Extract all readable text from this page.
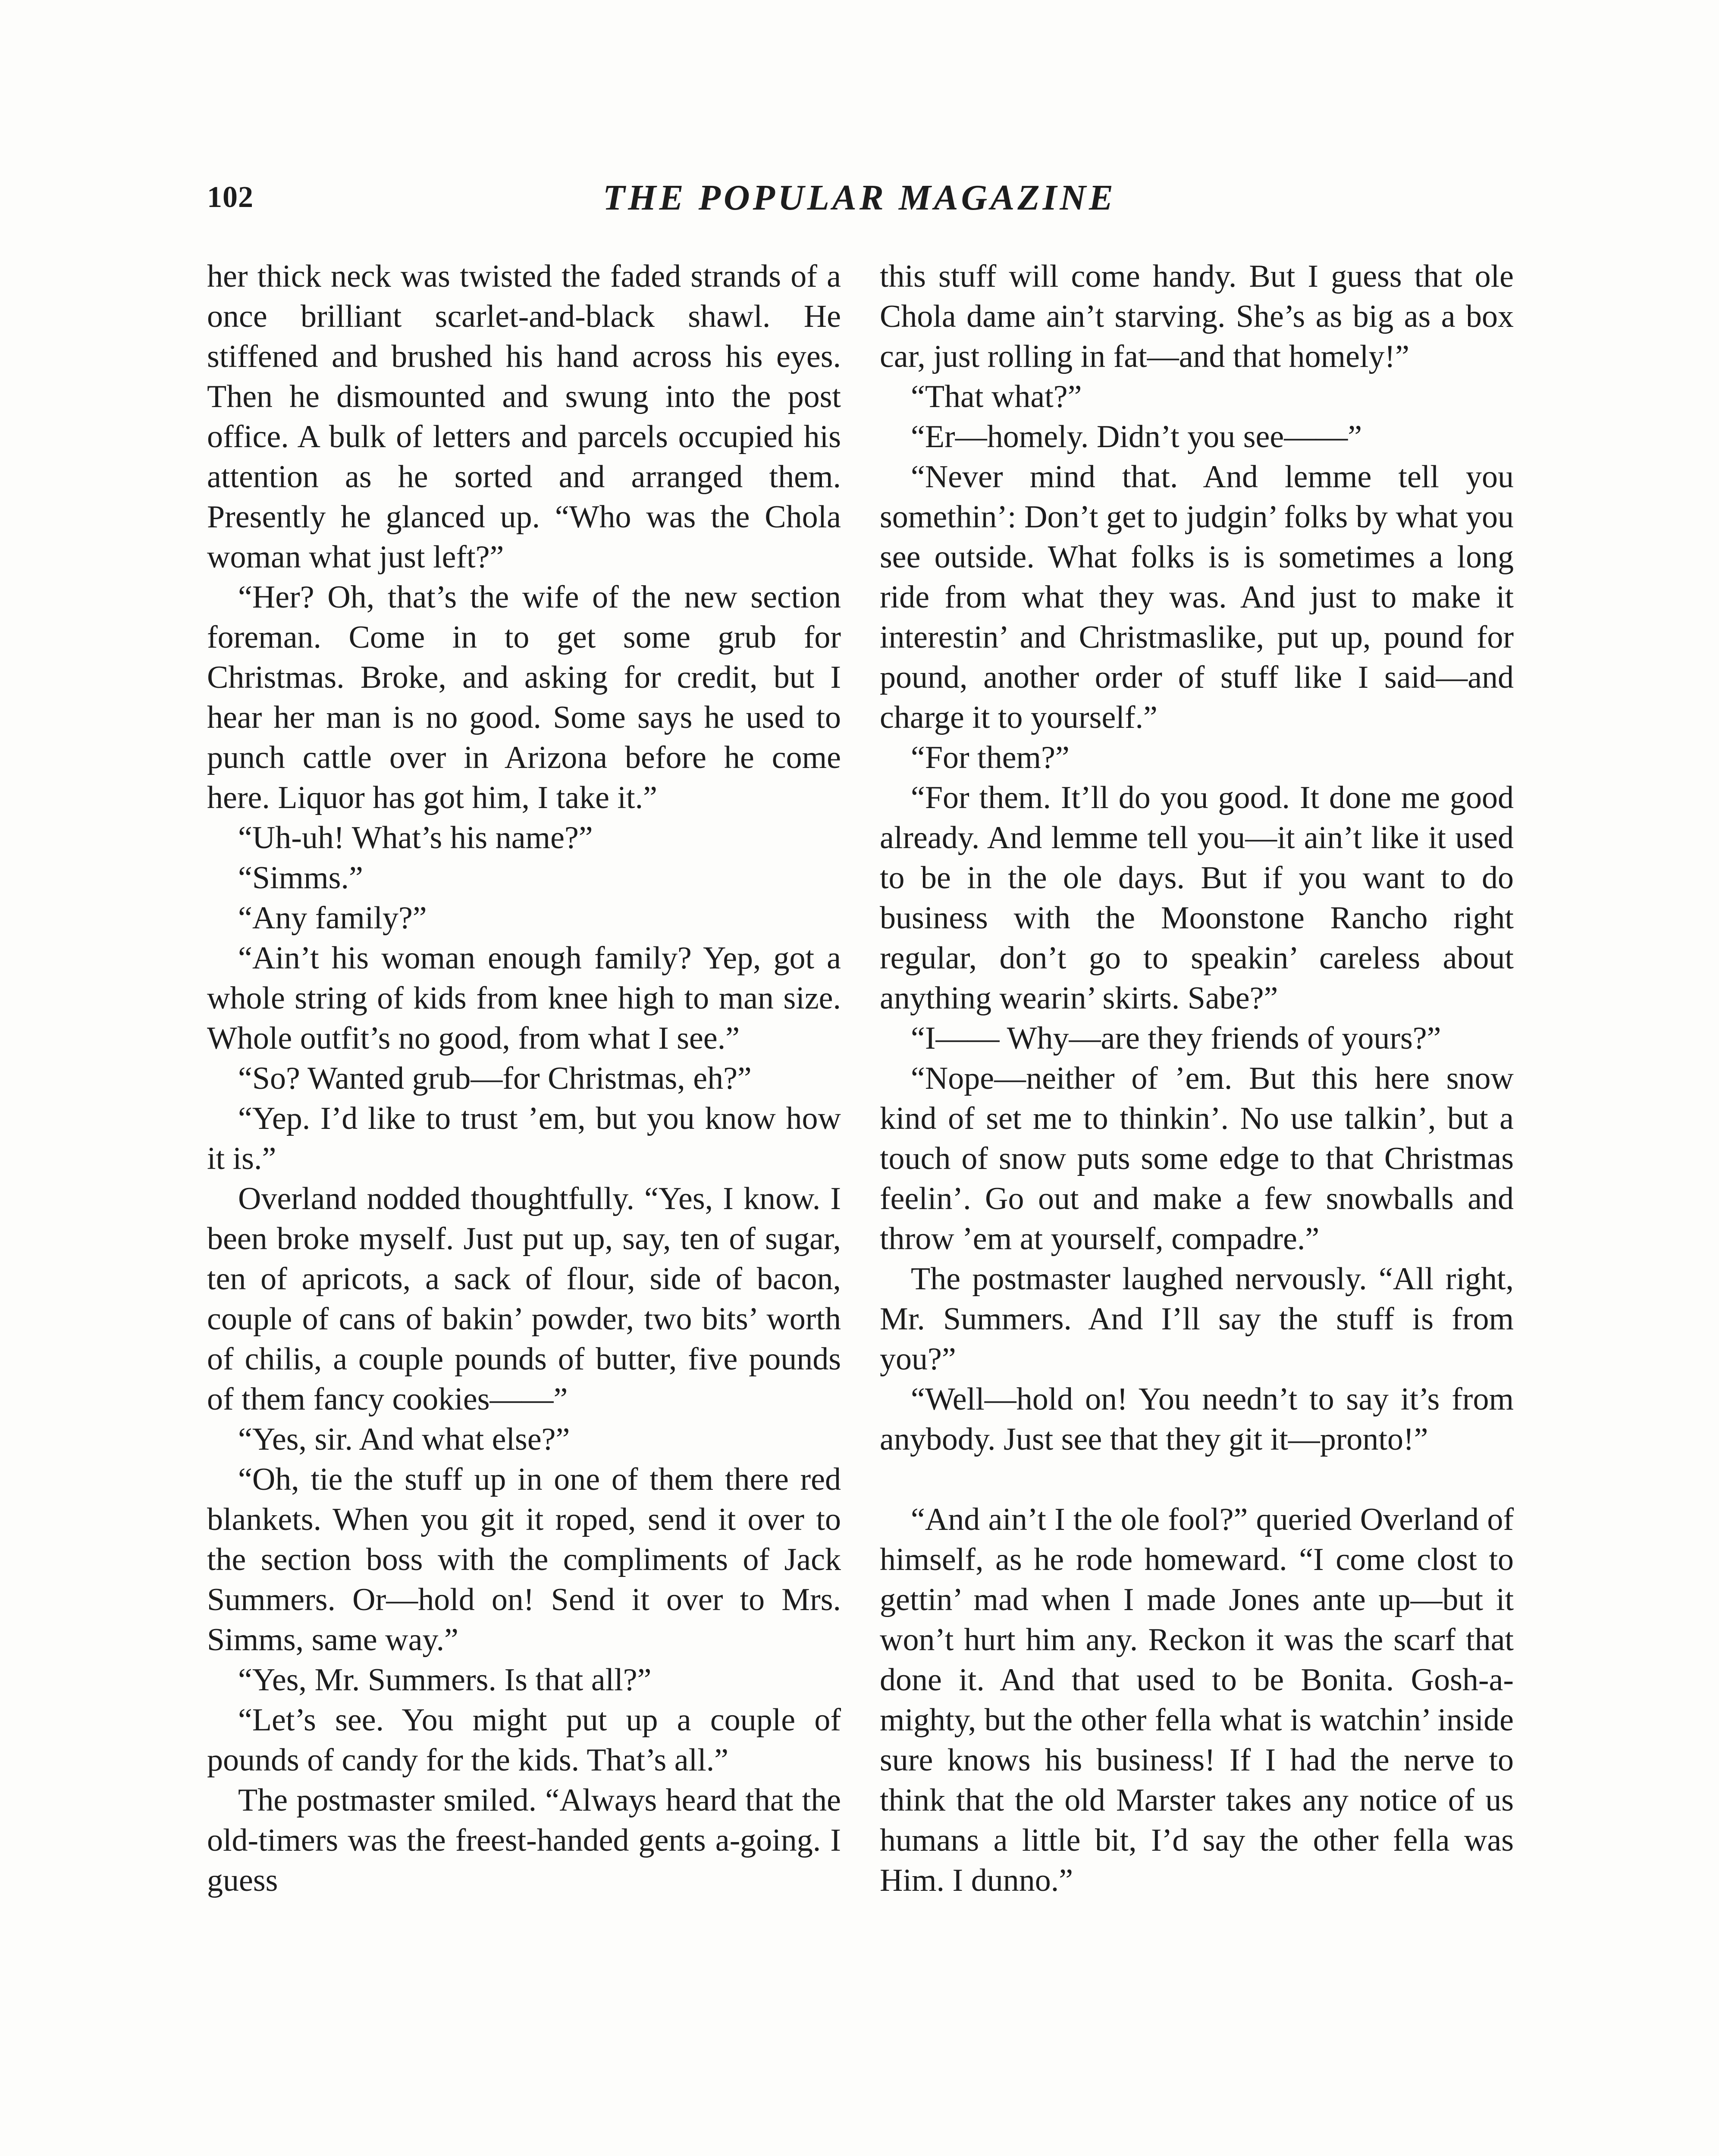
102	THE POPULAR MAGAZINE

her thick neck was twisted the faded strands of a once brilliant scarlet-and-black shawl. He stiffened and brushed his hand across his eyes. Then he dismounted and swung into the post office. A bulk of letters and parcels occupied his attention as he sorted and arranged them. Presently he glanced up. “Who was the Chola woman what just left?”

“Her? Oh, that’s the wife of the new section foreman. Come in to get some grub for Christmas. Broke, and asking for credit, but I hear her man is no good. Some says he used to punch cattle over in Arizona before he come here. Liquor has got him, I take it.”

“Uh-uh! What’s his name?”

“Simms.”

“Any family?”

“Ain’t his woman enough family? Yep, got a whole string of kids from knee high to man size. Whole outfit’s no good, from what I see.”

“So? Wanted grub—for Christmas, eh?”

“Yep. I’d like to trust ’em, but you know how it is.”

Overland nodded thoughtfully. “Yes, I know. I been broke myself. Just put up, say, ten of sugar, ten of apricots, a sack of flour, side of bacon, couple of cans of bakin’ powder, two bits’ worth of chilis, a couple pounds of butter, five pounds of them fancy cookies——”

“Yes, sir. And what else?”

“Oh, tie the stuff up in one of them there red blankets. When you git it roped, send it over to the section boss with the compliments of Jack Summers. Or—hold on! Send it over to Mrs. Simms, same way.”

“Yes, Mr. Summers. Is that all?”

“Let’s see. You might put up a couple of pounds of candy for the kids. That’s all.”

The postmaster smiled. “Always heard that the old-timers was the freest-handed gents a-going. I guess

this stuff will come handy. But I guess that ole Chola dame ain’t starving. She’s as big as a box car, just rolling in fat—and that homely!”

“That what?”

“Er—homely. Didn’t you see——”

“Never mind that. And lemme tell you somethin’: Don’t get to judgin’ folks by what you see outside. What folks is is sometimes a long ride from what they was. And just to make it interestin’ and Christmaslike, put up, pound for pound, another order of stuff like I said—and charge it to yourself.”

“For them?”

“For them. It’ll do you good. It done me good already. And lemme tell you—it ain’t like it used to be in the ole days. But if you want to do business with the Moonstone Rancho right regular, don’t go to speakin’ careless about anything wearin’ skirts. Sabe?”

“I—— Why—are they friends of yours?”

“Nope—neither of ’em. But this here snow kind of set me to thinkin’. No use talkin’, but a touch of snow puts some edge to that Christmas feelin’. Go out and make a few snowballs and throw ’em at yourself, compadre.”

The postmaster laughed nervously. “All right, Mr. Summers. And I’ll say the stuff is from you?”

“Well—hold on! You needn’t to say it’s from anybody. Just see that they git it—pronto!”

“And ain’t I the ole fool?” queried Overland of himself, as he rode homeward. “I come clost to gettin’ mad when I made Jones ante up—but it won’t hurt him any. Reckon it was the scarf that done it. And that used to be Bonita. Gosh-a-mighty, but the other fella what is watchin’ inside sure knows his business! If I had the nerve to think that the old Marster takes any notice of us humans a little bit, I’d say the other fella was Him. I dunno.”
